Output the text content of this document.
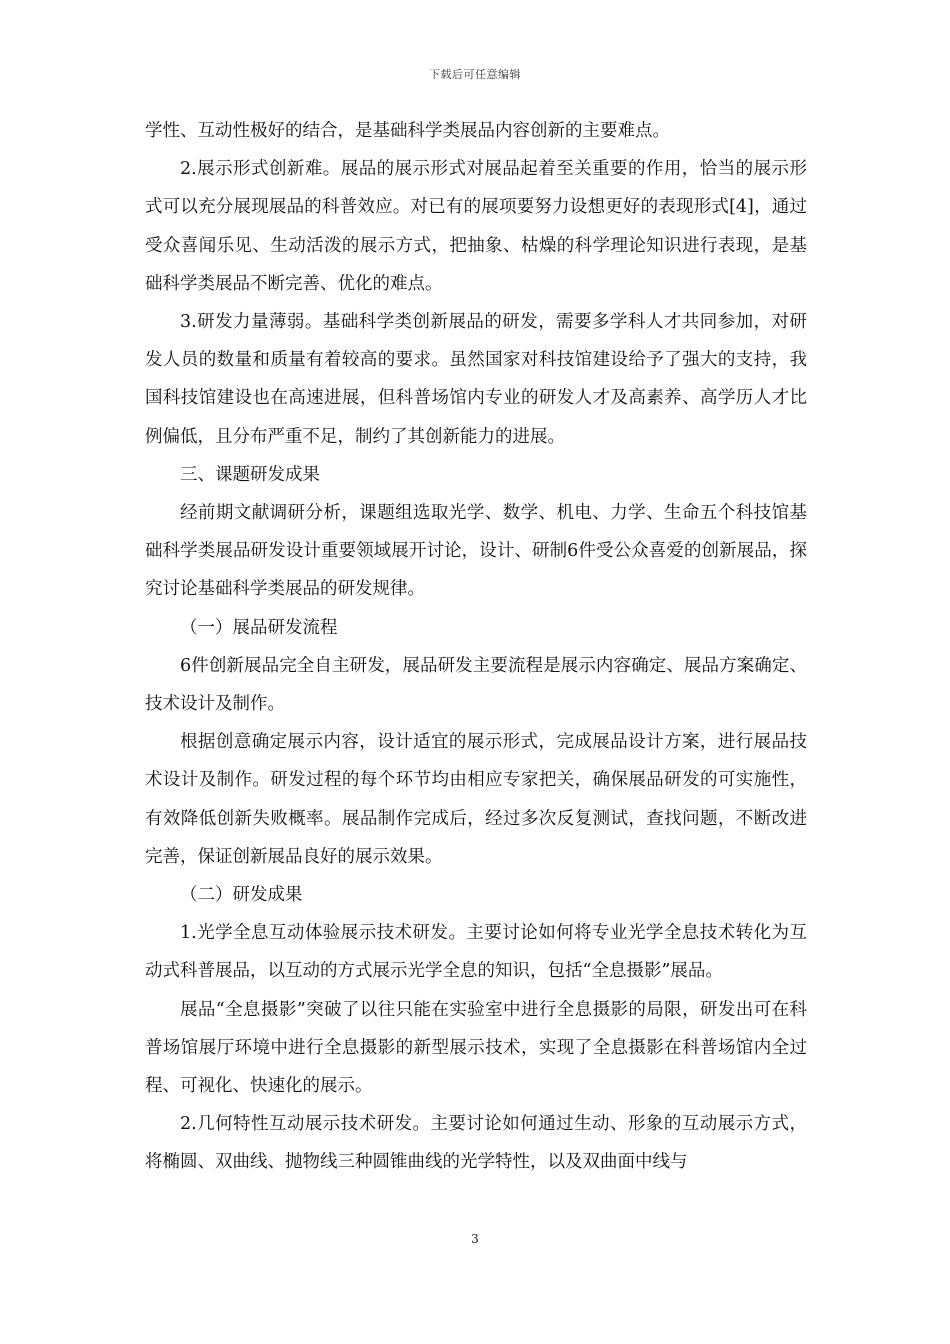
下载后可任意编辑

学性、互动性极好的结合，是基础科学类展品内容创新的主要难点。

2.展示形式创新难。展品的展示形式对展品起着至关重要的作用，恰当的展示形式可以充分展现展品的科普效应。对已有的展项要努力设想更好的表现形式[4]，通过受众喜闻乐见、生动活泼的展示方式，把抽象、枯燥的科学理论知识进行表现，是基础科学类展品不断完善、优化的难点。

3.研发力量薄弱。基础科学类创新展品的研发，需要多学科人才共同参加，对研发人员的数量和质量有着较高的要求。虽然国家对科技馆建设给予了强大的支持，我国科技馆建设也在高速进展，但科普场馆内专业的研发人才及高素养、高学历人才比例偏低，且分布严重不足，制约了其创新能力的进展。

三、课题研发成果

经前期文献调研分析，课题组选取光学、数学、机电、力学、生命五个科技馆基础科学类展品研发设计重要领域展开讨论，设计、研制6件受公众喜爱的创新展品，探究讨论基础科学类展品的研发规律。

（一）展品研发流程

6件创新展品完全自主研发，展品研发主要流程是展示内容确定、展品方案确定、技术设计及制作。

根据创意确定展示内容，设计适宜的展示形式，完成展品设计方案，进行展品技术设计及制作。研发过程的每个环节均由相应专家把关，确保展品研发的可实施性，有效降低创新失败概率。展品制作完成后，经过多次反复测试，查找问题，不断改进完善，保证创新展品良好的展示效果。

（二）研发成果

1.光学全息互动体验展示技术研发。主要讨论如何将专业光学全息技术转化为互动式科普展品，以互动的方式展示光学全息的知识，包括“全息摄影”展品。

展品“全息摄影”突破了以往只能在实验室中进行全息摄影的局限，研发出可在科普场馆展厅环境中进行全息摄影的新型展示技术，实现了全息摄影在科普场馆内全过程、可视化、快速化的展示。

2.几何特性互动展示技术研发。主要讨论如何通过生动、形象的互动展示方式，将椭圆、双曲线、抛物线三种圆锥曲线的光学特性，以及双曲面中线与

3
